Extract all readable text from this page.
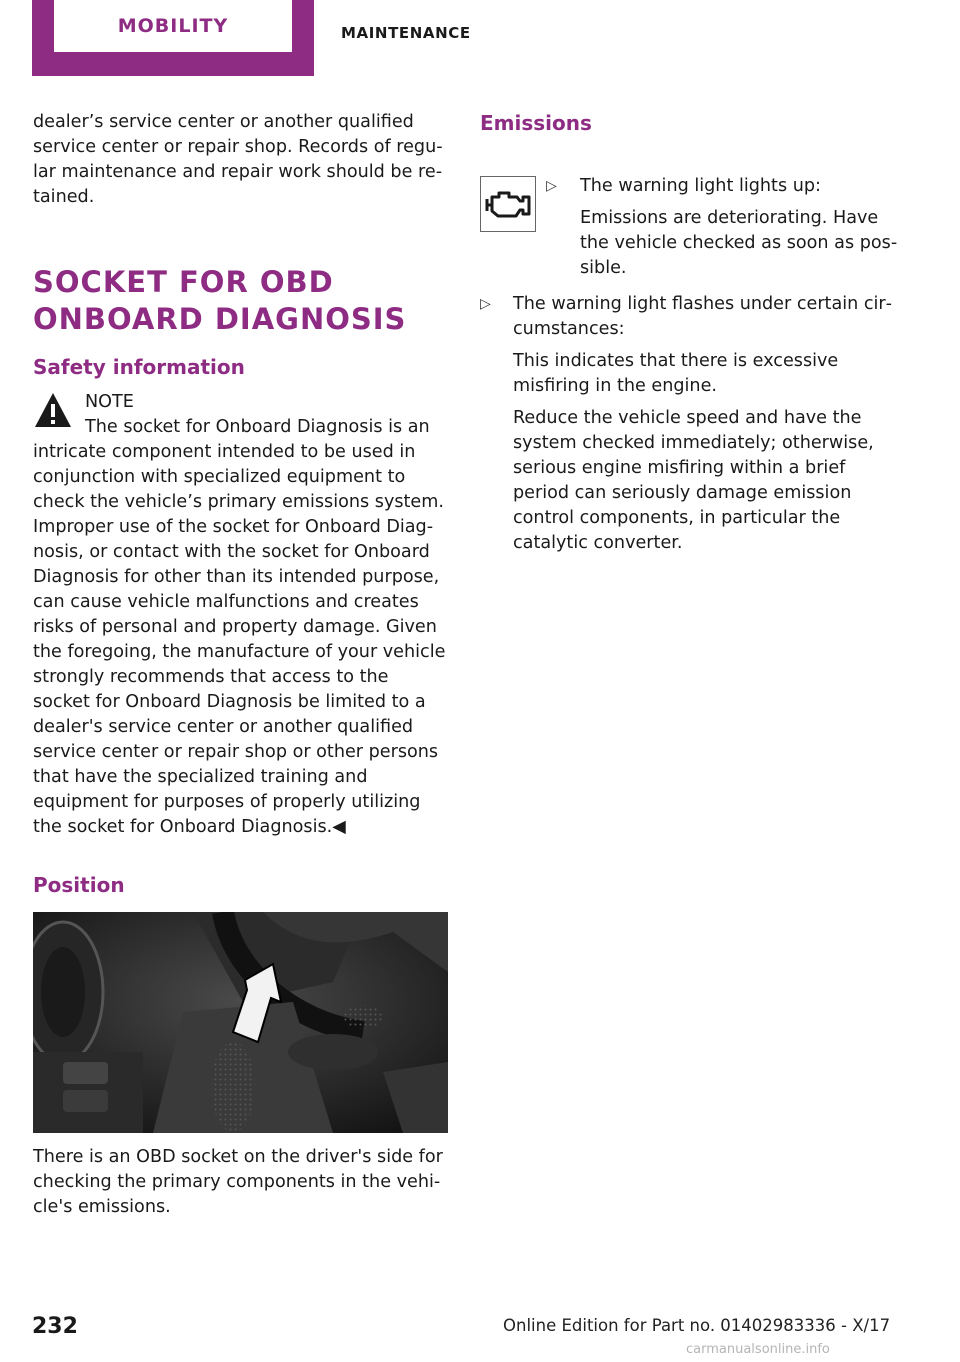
MOBILITY	MAINTENANCE

dealer’s service center or another qualified service center or repair shop. Records of regular maintenance and repair work should be retained.

SOCKET FOR OBD ONBOARD DIAGNOSIS
Safety information

NOTE

The socket for Onboard Diagnosis is an

intricate component intended to be used in conjunction with specialized equipment to check the vehicle’s primary emissions system. Improper use of the socket for Onboard Diagnosis, or contact with the socket for Onboard Diagnosis for other than its intended purpose, can cause vehicle malfunctions and creates risks of personal and property damage. Given the foregoing, the manufacture of your vehicle strongly recommends that access to the socket for Onboard Diagnosis be limited to a dealer's service center or another qualified service center or repair shop or other persons that have the specialized training and equipment for purposes of properly utilizing the socket for Onboard Diagnosis.◀

Position

There is an OBD socket on the driver's side for checking the primary components in the vehicle's emissions.

Emissions
▷ The warning light lights up:

Emissions are deteriorating. Have the vehicle checked as soon as possible.

▷ The warning light flashes under certain circumstances:

This indicates that there is excessive misfiring in the engine.

Reduce the vehicle speed and have the system checked immediately; otherwise, serious engine misfiring within a brief period can seriously damage emission control components, in particular the catalytic converter.

232	Online Edition for Part no. 01402983336 - X/17
carmanualsonline.info
